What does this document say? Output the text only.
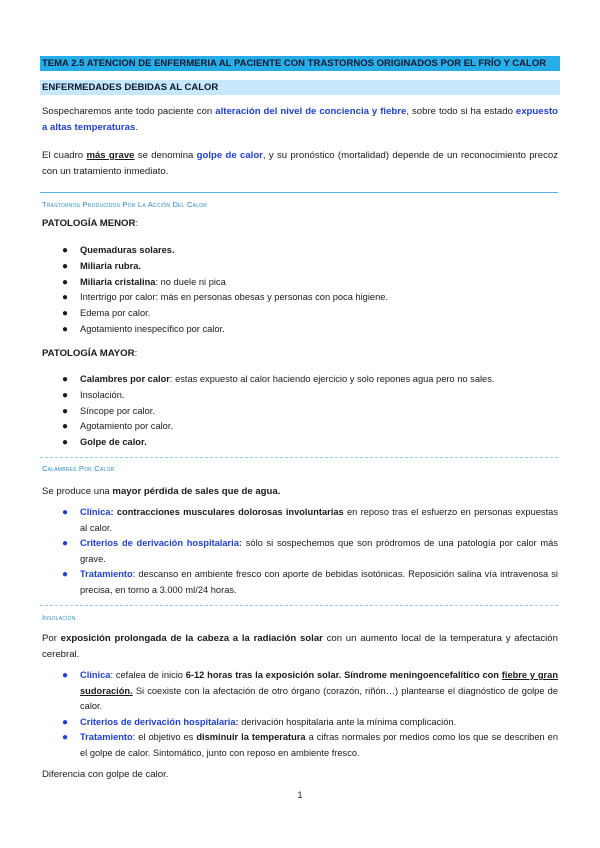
TEMA 2.5 ATENCION DE ENFERMERIA AL PACIENTE CON TRASTORNOS ORIGINADOS POR EL FRÍO Y CALOR
ENFERMEDADES DEBIDAS AL CALOR

Sospecharemos ante todo paciente con alteración del nivel de conciencia y fiebre, sobre todo si ha estado expuesto a altas temperaturas.

El cuadro más grave se denomina golpe de calor, y su pronóstico (mortalidad) depende de un reconocimiento precoz con un tratamiento inmediato.

Trastornos Producidos Por La Acción Del Calor
PATOLOGÍA MENOR:
● Quemaduras solares.
● Miliaria rubra.
● Miliaria cristalina: no duele ni pica
● Intertrigo por calor: más en personas obesas y personas con poca higiene.
● Edema por calor.
● Agotamiento inespecífico por calor.
PATOLOGÍA MAYOR:
● Calambres por calor: estas expuesto al calor haciendo ejercicio y solo repones agua pero no sales.
● Insolación.
● Síncope por calor.
● Agotamiento por calor.
● Golpe de calor.
Calambres Por Calor

Se produce una mayor pérdida de sales que de agua.

● Clínica: contracciones musculares dolorosas involuntarias en reposo tras el esfuerzo en personas expuestas al calor.
● Criterios de derivación hospitalaria: sólo si sospechemos que son pródromos de una patología por calor más grave.
● Tratamiento: descanso en ambiente fresco con aporte de bebidas isotónicas. Reposición salina vía intravenosa si precisa, en torno a 3.000 ml/24 horas.
Insolación

Por exposición prolongada de la cabeza a la radiación solar con un aumento local de la temperatura y afectación cerebral.

● Clínica: cefalea de inicio 6-12 horas tras la exposición solar. Síndrome meningoencefalítico con fiebre y gran sudoración. Si coexiste con la afectación de otro órgano (corazón, riñón…) plantearse el diagnóstico de golpe de calor.
● Criterios de derivación hospitalaria: derivación hospitalaria ante la mínima complicación.
● Tratamiento: el objetivo es disminuir la temperatura a cifras normales por medios como los que se describen en el golpe de calor. Sintomático, junto con reposo en ambiente fresco.

Diferencia con golpe de calor.

1
